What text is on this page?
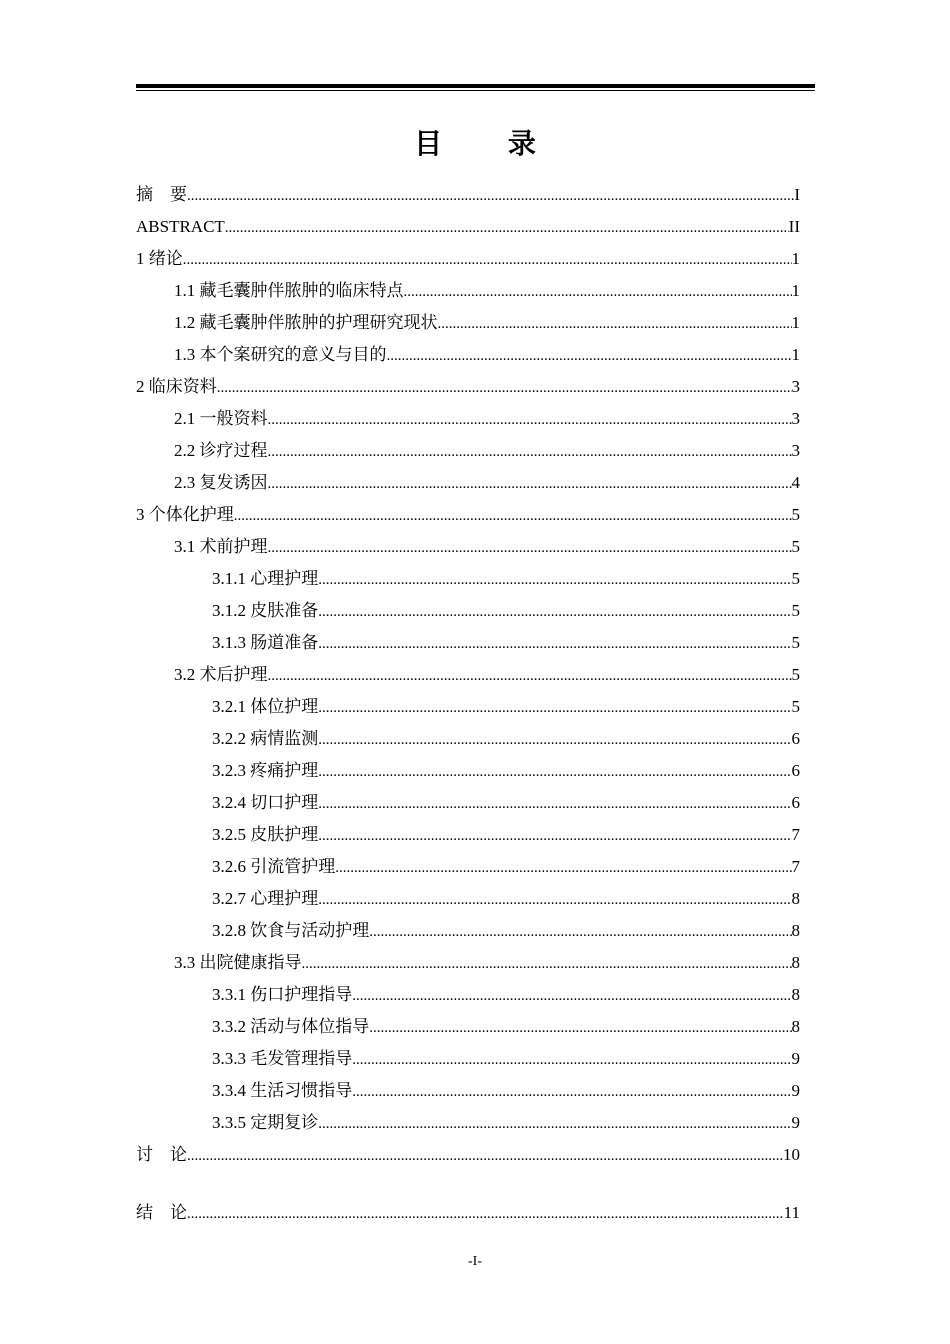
目 录
摘　要 .....	I
ABSTRACT .....	II
1 绪论 .....	1
1.1 藏毛囊肿伴脓肿的临床特点 .....	1
1.2 藏毛囊肿伴脓肿的护理研究现状 .....	1
1.3 本个案研究的意义与目的 .....	1
2 临床资料 .....	3
2.1 一般资料 .....	3
2.2 诊疗过程 .....	3
2.3 复发诱因 .....	4
3 个体化护理 .....	5
3.1 术前护理 .....	5
3.1.1 心理护理 .....	5
3.1.2 皮肤准备 .....	5
3.1.3 肠道准备 .....	5
3.2 术后护理 .....	5
3.2.1 体位护理 .....	5
3.2.2 病情监测 .....	6
3.2.3 疼痛护理 .....	6
3.2.4 切口护理 .....	6
3.2.5 皮肤护理 .....	7
3.2.6 引流管护理 .....	7
3.2.7 心理护理 .....	8
3.2.8 饮食与活动护理 .....	8
3.3 出院健康指导 .....	8
3.3.1 伤口护理指导 .....	8
3.3.2 活动与体位指导 .....	8
3.3.3 毛发管理指导 .....	9
3.3.4 生活习惯指导 .....	9
3.3.5 定期复诊 .....	9
讨　论 .....	10
结　论 .....	11
-I-
